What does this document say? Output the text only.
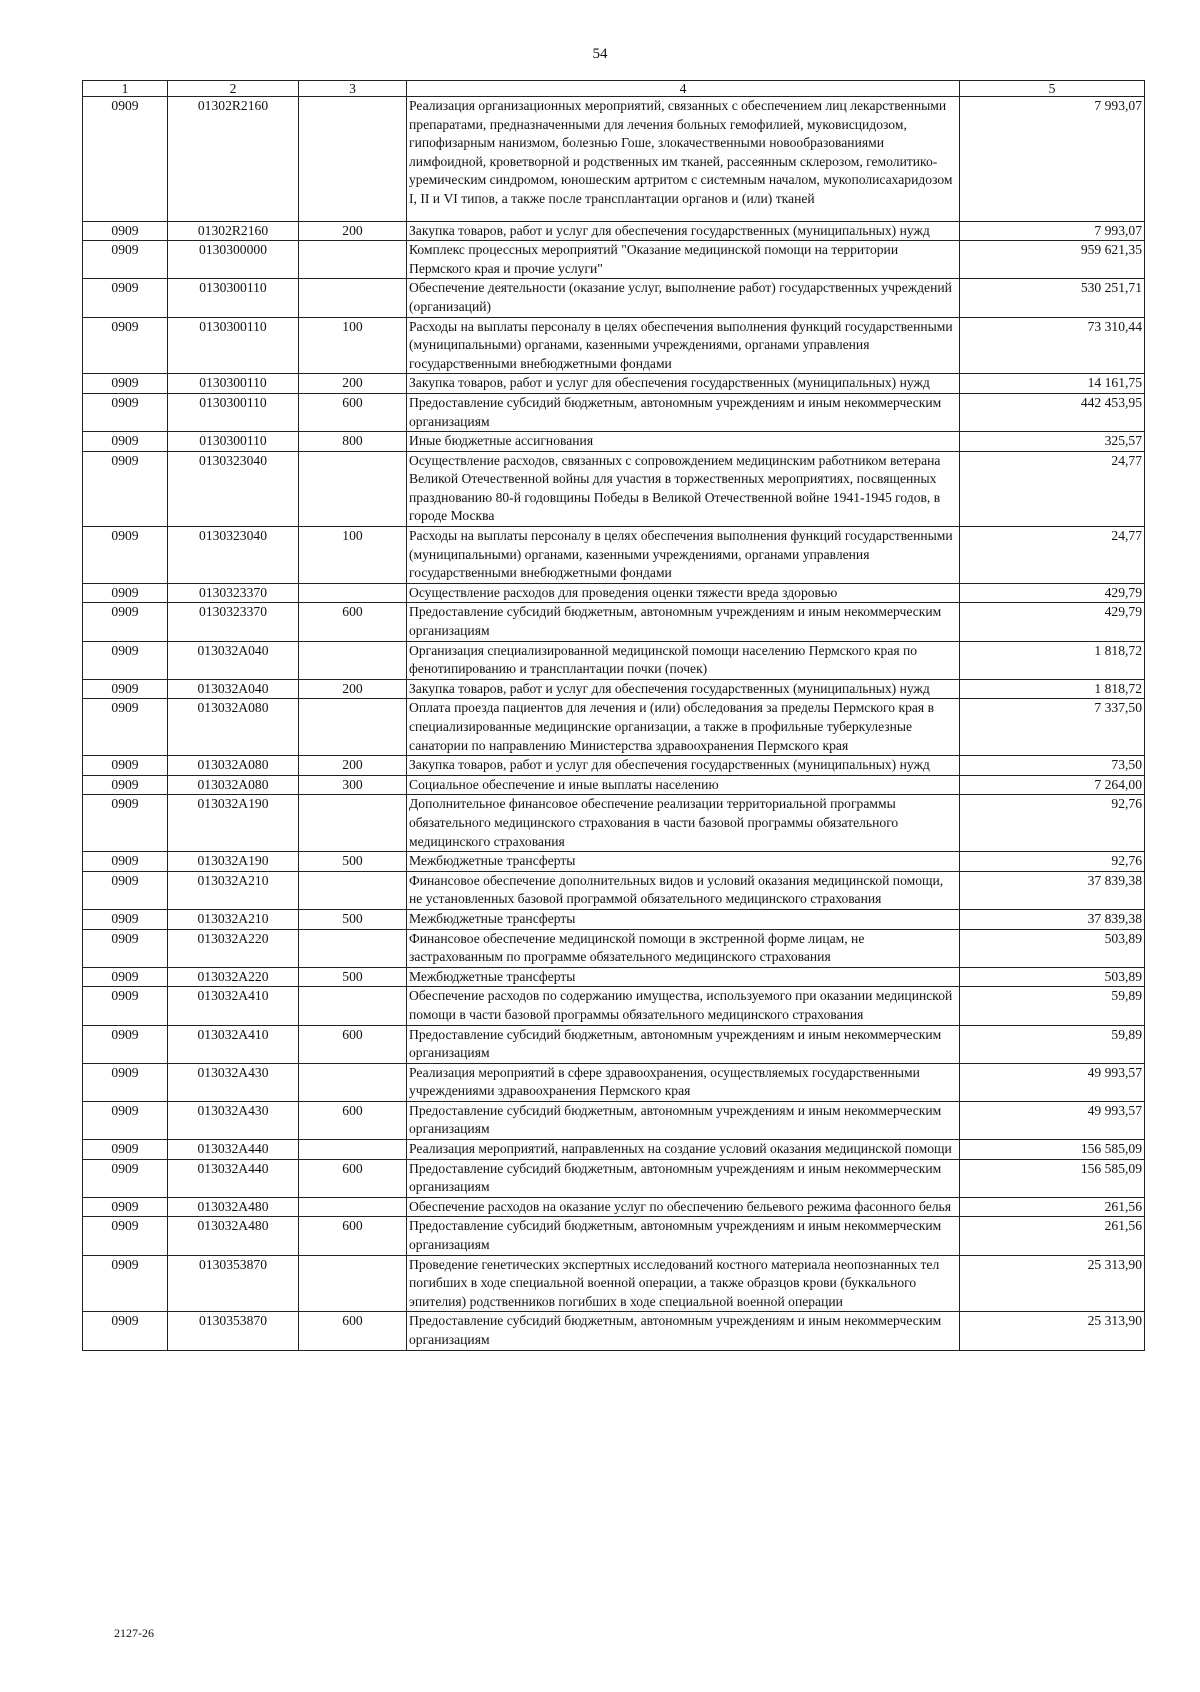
54
1	2	3	4	5
0909	01302R2160		Реализация организационных мероприятий, связанных с обеспечением лиц лекарственными препаратами, предназначенными для лечения больных гемофилией, муковисцидозом, гипофизарным нанизмом, болезнью Гоше, злокачественными новообразованиями лимфоидной, кроветворной и родственных им тканей, рассеянным склерозом, гемолитико-уремическим синдромом, юношеским артритом с системным началом, мукополисахаридозом I, II и VI типов, а также после трансплантации органов и (или) тканей	7 993,07
0909	01302R2160	200	Закупка товаров, работ и услуг для обеспечения государственных (муниципальных) нужд	7 993,07
0909	0130300000		Комплекс процессных мероприятий "Оказание медицинской помощи на территории Пермского края и прочие услуги"	959 621,35
0909	0130300110		Обеспечение деятельности (оказание услуг, выполнение работ) государственных учреждений (организаций)	530 251,71
0909	0130300110	100	Расходы на выплаты персоналу в целях обеспечения выполнения функций государственными (муниципальными) органами, казенными учреждениями, органами управления государственными внебюджетными фондами	73 310,44
0909	0130300110	200	Закупка товаров, работ и услуг для обеспечения государственных (муниципальных) нужд	14 161,75
0909	0130300110	600	Предоставление субсидий бюджетным, автономным учреждениям и иным некоммерческим организациям	442 453,95
0909	0130300110	800	Иные бюджетные ассигнования	325,57
0909	0130323040		Осуществление расходов, связанных с сопровождением медицинским работником ветерана Великой Отечественной войны для участия в торжественных мероприятиях, посвященных празднованию 80-й годовщины Победы в Великой Отечественной войне 1941-1945 годов, в городе Москва	24,77
0909	0130323040	100	Расходы на выплаты персоналу в целях обеспечения выполнения функций государственными (муниципальными) органами, казенными учреждениями, органами управления государственными внебюджетными фондами	24,77
0909	0130323370		Осуществление расходов для проведения оценки тяжести вреда здоровью	429,79
0909	0130323370	600	Предоставление субсидий бюджетным, автономным учреждениям и иным некоммерческим организациям	429,79
0909	013032A040		Организация специализированной медицинской помощи населению Пермского края по фенотипированию и трансплантации почки (почек)	1 818,72
0909	013032A040	200	Закупка товаров, работ и услуг для обеспечения государственных (муниципальных) нужд	1 818,72
0909	013032A080		Оплата проезда пациентов для лечения и (или) обследования за пределы Пермского края в специализированные медицинские организации, а также в профильные туберкулезные санатории по направлению Министерства здравоохранения Пермского края	7 337,50
0909	013032A080	200	Закупка товаров, работ и услуг для обеспечения государственных (муниципальных) нужд	73,50
0909	013032A080	300	Социальное обеспечение и иные выплаты населению	7 264,00
0909	013032A190		Дополнительное финансовое обеспечение реализации территориальной программы обязательного медицинского страхования в части базовой программы обязательного медицинского страхования	92,76
0909	013032A190	500	Межбюджетные трансферты	92,76
0909	013032A210		Финансовое обеспечение дополнительных видов и условий оказания медицинской помощи, не установленных базовой программой обязательного медицинского страхования	37 839,38
0909	013032A210	500	Межбюджетные трансферты	37 839,38
0909	013032A220		Финансовое обеспечение медицинской помощи в экстренной форме лицам, не застрахованным по программе обязательного медицинского страхования	503,89
0909	013032A220	500	Межбюджетные трансферты	503,89
0909	013032A410		Обеспечение расходов по содержанию имущества, используемого при оказании медицинской помощи в части базовой программы обязательного медицинского страхования	59,89
0909	013032A410	600	Предоставление субсидий бюджетным, автономным учреждениям и иным некоммерческим организациям	59,89
0909	013032A430		Реализация мероприятий в сфере здравоохранения, осуществляемых государственными учреждениями здравоохранения Пермского края	49 993,57
0909	013032A430	600	Предоставление субсидий бюджетным, автономным учреждениям и иным некоммерческим организациям	49 993,57
0909	013032A440		Реализация мероприятий, направленных на создание условий оказания медицинской помощи	156 585,09
0909	013032A440	600	Предоставление субсидий бюджетным, автономным учреждениям и иным некоммерческим организациям	156 585,09
0909	013032A480		Обеспечение расходов на оказание услуг по обеспечению бельевого режима фасонного белья	261,56
0909	013032A480	600	Предоставление субсидий бюджетным, автономным учреждениям и иным некоммерческим организациям	261,56
0909	0130353870		Проведение генетических экспертных исследований костного материала неопознанных тел погибших в ходе специальной военной операции, а также образцов крови (буккального эпителия) родственников погибших в ходе специальной военной операции	25 313,90
0909	0130353870	600	Предоставление субсидий бюджетным, автономным учреждениям и иным некоммерческим организациям	25 313,90
2127-26
